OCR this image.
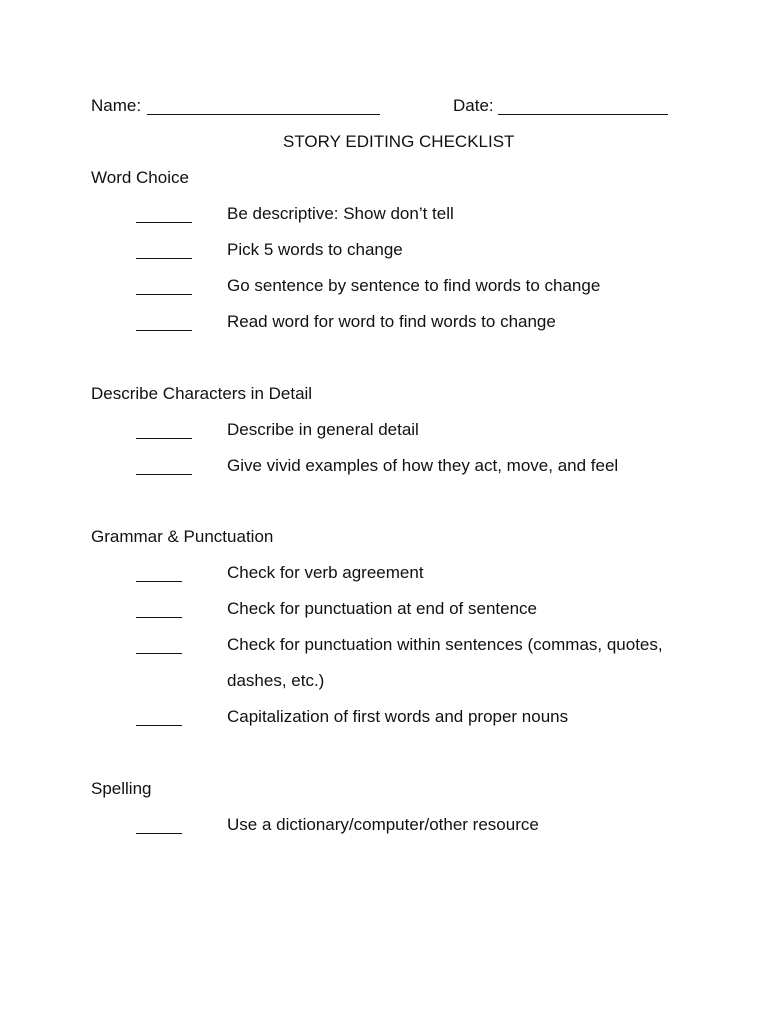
Name:	Date:
STORY EDITING CHECKLIST
Word Choice
Be descriptive: Show don’t tell
Pick 5 words to change
Go sentence by sentence to find words to change
Read word for word to find words to change
Describe Characters in Detail
Describe in general detail
Give vivid examples of how they act, move, and feel
Grammar & Punctuation
Check for verb agreement
Check for punctuation at end of sentence
Check for punctuation within sentences (commas, quotes,
dashes, etc.)
Capitalization of first words and proper nouns
Spelling
Use a dictionary/computer/other resource
